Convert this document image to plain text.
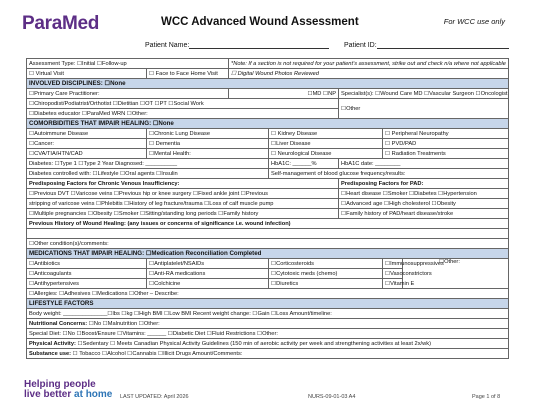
ParaMed	WCC Advanced Wound Assessment	For WCC use only
Patient Name:	Patient ID:
Assessment Type: ☐Initial ☐Follow-up		*Note: If a section is not required for your patient’s assessment, strike out and check n/a where not applicable				
☐ Virtual Visit	☐ Face to Face Home Visit	☐ Digital Wound Photos Reviewed				
INVOLVED DISCIPLINES: ☐None						
☐Primary Care Practitioner:		☐MD ☐NP		Specialist(s): ☐Wound Care MD ☐Vascular Surgeon ☐Oncologist		
☐Chiropodist/Podiatrist/Orthotist ☐Dietitian ☐OT ☐PT ☐Social Work				☐Other		
☐Diabetes educator ☐ParaMed WRN ☐Other:						
COMORBIDITIES THAT IMPAIR HEALING: ☐None						
☐Autoimmune Disease	☐Chronic Lung Disease		☐ Kidney Disease		☐ Peripheral Neuropathy	
☐Cancer:	☐ Dementia		☐Liver Disease		☐ PVD/PAD	
☐CVA/TIA/HTN/CAD	☐Mental Health:		☐ Neurological Disease		☐ Radiation Treatments	
Diabetes: ☐Type 1 ☐Type 2 Year Diagnosed: __________			HbA1C: ______%	HbA1C date: ________		
Diabetes controlled with: ☐Lifestyle ☐Oral agents ☐Insulin			Self-management of blood glucose frequency/results:			
Predisposing Factors for Chronic Venous Insufficiency:				Predisposing Factors for PAD:		
☐Previous DVT ☐Varicose veins ☐Previous hip or knee surgery ☐Fixed ankle joint ☐Previous				☐Heart disease ☐Smoker ☐Diabetes ☐Hypertension		
stripping of varicose veins ☐Phlebitis ☐History of leg fracture/trauma ☐Loss of calf muscle pump				☐Advanced age ☐High cholesterol ☐Obesity		
☐Multiple pregnancies ☐Obesity ☐Smoker ☐Sitting/standing long periods ☐Family history				☐Family history of PAD/heart disease/stroke		
Previous History of Wound Healing: (any issues or concerns of significance i.e. wound infection)						

☐Other condition(s)/comments:						
MEDICATIONS THAT IMPAIR HEALING: ☐Medication Reconciliation Completed						
☐Antibiotics	☐Antiplatelet/NSAIDs		☐Corticosteroids		☐Immunosuppressives	☐Other:
☐Anticoagulants	☐Anti-RA medications		☐Cytotoxic meds (chemo)		☐Vasoconstrictors	
☐Antihypertensives	☐Colchicine		☐Diuretics		☐Vitamin E	
☐Allergies: ☐Adhesives ☐Medications ☐Other – Describe:						
LIFESTYLE FACTORS						
Body weight: ______________☐lbs ☐kg ☐High BMI ☐Low BMI Recent weight change: ☐Gain ☐Loss Amount/timeline:						
Nutritional Concerns: ☐No ☐Malnutrition ☐Other:						
Special Diet: ☐No ☐Boost/Ensure ☐Vitamins: ______ ☐Diabetic Diet ☐Fluid Restrictions ☐Other:						
Physical Activity: ☐Sedentary ☐ Meets Canadian Physical Activity Guidelines (150 min of aerobic activity per week and strengthening activities at least 2x/wk)						
Substance use: ☐ Tobacco ☐Alcohol ☐Cannabis ☐Illicit Drugs Amount/Comments:						
Helping people
live better at home LAST UPDATED: April 2026	NURS-09-01-03 A4	Page 1 of 8
